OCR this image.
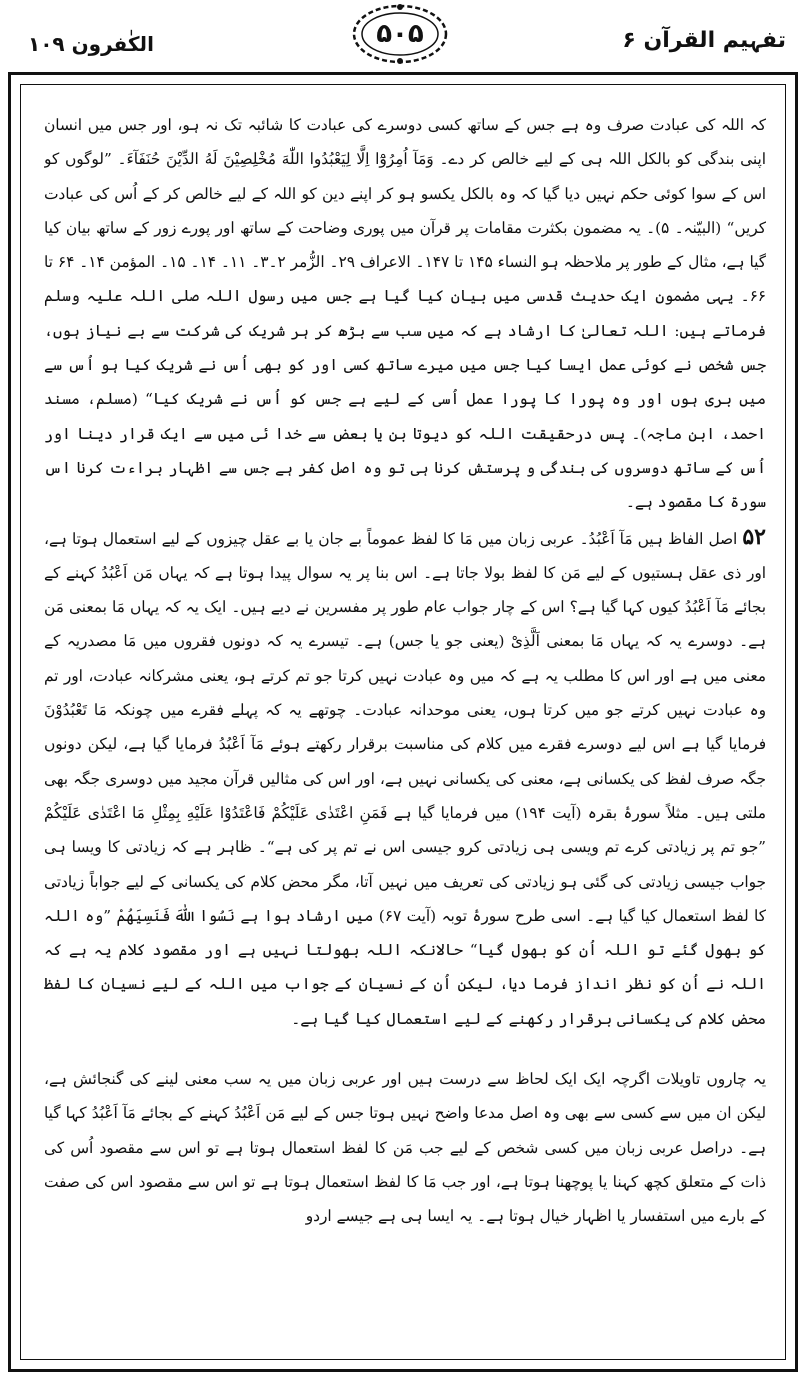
الکٰفرون ۱۰۹	۵۰۵	تفہیم القرآن ۶

کہ اللہ کی عبادت صرف وہ ہے جس کے ساتھ کسی دوسرے کی عبادت کا شائبہ تک نہ ہو، اور جس میں انسان اپنی بندگی کو بالکل اللہ ہی کے لیے خالص کر دے۔ وَمَآ اُمِرُوْٓا اِلَّا لِيَعْبُدُوا اللّٰهَ مُخْلِصِيْنَ لَهُ الدِّيْنَ حُنَفَآءَ۔ ”لوگوں کو اس کے سوا کوئی حکم نہیں دیا گیا کہ وہ بالکل یکسو ہو کر اپنے دین کو اللہ کے لیے خالص کر کے اُس کی عبادت کریں“ (البیّنہ۔ ۵)۔ یہ مضمون بکثرت مقامات پر قرآن میں پوری وضاحت کے ساتھ اور پورے زور کے ساتھ بیان کیا گیا ہے، مثال کے طور پر ملاحظہ ہو النساء ۱۴۵ تا ۱۴۷۔ الاعراف ۲۹۔ الزُّمر ۲۔۳۔ ۱۱۔ ۱۴۔ ۱۵۔ المؤمن ۱۴۔ ۶۴ تا ۶۶۔ یہی مضمون ایک حدیث قدسی میں بیان کیا گیا ہے جس میں رسول اللہ صلی اللہ علیہ وسلم فرماتے ہیں: اللہ تعالیٰ کا ارشاد ہے کہ میں سب سے بڑھ کر ہر شریک کی شرکت سے بے نیاز ہوں، جس شخص نے کوئی عمل ایسا کیا جس میں میرے ساتھ کسی اور کو بھی اُس نے شریک کیا ہو اُس سے میں بری ہوں اور وہ پورا کا پورا عمل اُسی کے لیے ہے جس کو اُس نے شریک کیا“ (مسلم، مسند احمد، ابن ماجہ)۔ پس درحقیقت اللہ کو دیوتا بن یا بعض سے خدا ئی میں سے ایک قرار دینا اور اُس کے ساتھ دوسروں کی بندگی و پرستش کرنا ہی تو وہ اصل کفر ہے جس سے اظہار براءت کرنا اس سورۃ کا مقصود ہے۔

۵۲ اصل الفاظ ہیں مَآ اَعْبُدُ۔ عربی زبان میں مَا کا لفظ عموماً بے جان یا بے عقل چیزوں کے لیے استعمال ہوتا ہے، اور ذی عقل ہستیوں کے لیے مَن کا لفظ بولا جاتا ہے۔ اس بنا پر یہ سوال پیدا ہوتا ہے کہ یہاں مَن اَعْبُدُ کہنے کے بجائے مَآ اَعْبُدُ کیوں کہا گیا ہے؟ اس کے چار جواب عام طور پر مفسرین نے دیے ہیں۔ ایک یہ کہ یہاں مَا بمعنی مَن ہے۔ دوسرے یہ کہ یہاں مَا بمعنی اَلَّذِیْ (یعنی جو یا جس) ہے۔ تیسرے یہ کہ دونوں فقروں میں مَا مصدریہ کے معنی میں ہے اور اس کا مطلب یہ ہے کہ میں وہ عبادت نہیں کرتا جو تم کرتے ہو، یعنی مشرکانہ عبادت، اور تم وہ عبادت نہیں کرتے جو میں کرتا ہوں، یعنی موحدانہ عبادت۔ چوتھے یہ کہ پہلے فقرے میں چونکہ مَا تَعْبُدُوْنَ فرمایا گیا ہے اس لیے دوسرے فقرے میں کلام کی مناسبت برقرار رکھتے ہوئے مَآ اَعْبُدُ فرمایا گیا ہے، لیکن دونوں جگہ صرف لفظ کی یکسانی ہے، معنی کی یکسانی نہیں ہے، اور اس کی مثالیں قرآن مجید میں دوسری جگہ بھی ملتی ہیں۔ مثلاً سورۂ بقرہ (آیت ۱۹۴) میں فرمایا گیا ہے فَمَنِ اعْتَدٰی عَلَيْكُمْ فَاعْتَدُوْا عَلَيْهِ بِمِثْلِ مَا اعْتَدٰی عَلَيْكُمْ ”جو تم پر زیادتی کرے تم ویسی ہی زیادتی کرو جیسی اس نے تم پر کی ہے“۔ ظاہر ہے کہ زیادتی کا ویسا ہی جواب جیسی زیادتی کی گئی ہو زیادتی کی تعریف میں نہیں آتا، مگر محض کلام کی یکسانی کے لیے جواباً زیادتی کا لفظ استعمال کیا گیا ہے۔ اسی طرح سورۂ توبہ (آیت ۶۷) میں ارشاد ہوا ہے نَسُوا اللّٰهَ فَنَسِيَهُمْ ”وہ اللہ کو بھول گئے تو اللہ اُن کو بھول گیا“ حالانکہ اللہ بھولتا نہیں ہے اور مقصود کلام یہ ہے کہ اللہ نے اُن کو نظر انداز فرما دیا، لیکن اُن کے نسیان کے جواب میں اللہ کے لیے نسیان کا لفظ محض کلام کی یکسانی برقرار رکھنے کے لیے استعمال کیا گیا ہے۔

یہ چاروں تاویلات اگرچہ ایک ایک لحاظ سے درست ہیں اور عربی زبان میں یہ سب معنی لینے کی گنجائش ہے، لیکن ان میں سے کسی سے بھی وہ اصل مدعا واضح نہیں ہوتا جس کے لیے مَن اَعْبُدُ کہنے کے بجائے مَآ اَعْبُدُ کہا گیا ہے۔ دراصل عربی زبان میں کسی شخص کے لیے جب مَن کا لفظ استعمال ہوتا ہے تو اس سے مقصود اُس کی ذات کے متعلق کچھ کہنا یا پوچھنا ہوتا ہے، اور جب مَا کا لفظ استعمال ہوتا ہے تو اس سے مقصود اس کی صفت کے بارے میں استفسار یا اظہار خیال ہوتا ہے۔ یہ ایسا ہی ہے جیسے اردو
